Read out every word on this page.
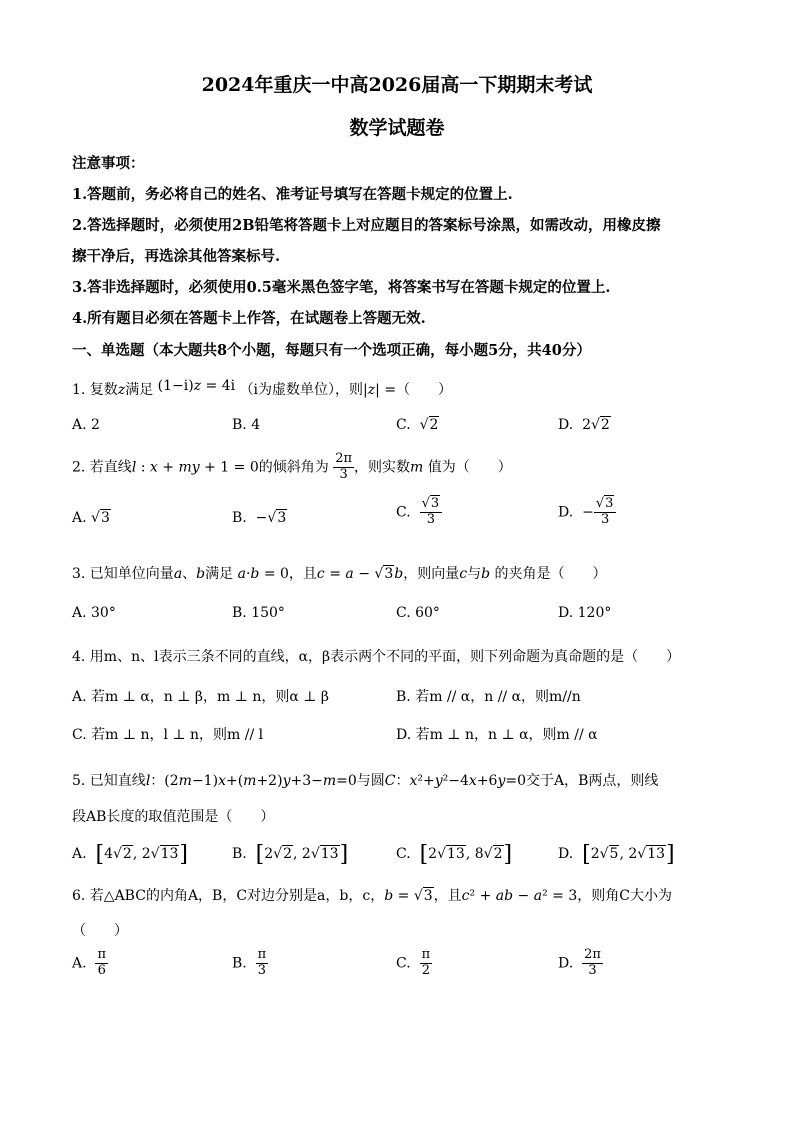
2024年重庆一中高2026届高一下期期末考试
数学试题卷
注意事项：
1.答题前，务必将自己的姓名、准考证号填写在答题卡规定的位置上.
2.答选择题时，必须使用2B铅笔将答题卡上对应题目的答案标号涂黑，如需改动，用橡皮擦
擦干净后，再选涂其他答案标号.
3.答非选择题时，必须使用0.5毫米黑色签字笔，将答案书写在答题卡规定的位置上.
4.所有题目必须在答题卡上作答，在试题卷上答题无效.
一、单选题（本大题共8个小题，每题只有一个选项正确，每小题5分，共40分）
1. 复数z满足 (1−i)z = 4i （i为虚数单位），则|z| =（　　）
A. 2	B. 4	C. √2	D.  2√2
2. 若直线l : x + my + 1 = 0的倾斜角为 $\frac{2\pi}{3}$ ，则实数m 值为（　　）
A. √3	B.  −√3	C. $\frac{√3}{3}$	D.  − $\frac{√3}{3}$
3. 已知单位向量a、b满足 a·b = 0，且c = a − √3b，则向量c与b 的夹角是（　　）
A. 30°	B. 150°	C. 60°	D. 120°
4. 用m、n、l表示三条不同的直线，α，β表示两个不同的平面，则下列命题为真命题的是（　　）
A. 若m ⊥ α，n ⊥ β，m ⊥ n，则α ⊥ β	B. 若m // α，n // α，则m//n
C. 若m ⊥ n，l ⊥ n，则m // l	D. 若m ⊥ n，n ⊥ α，则m // α
5. 已知直线l：(2m−1)x+(m+2)y+3−m=0与圆C：x²+y²−4x+6y=0交于A，B两点，则线
段AB长度的取值范围是（　　）
A. [4√2, 2√13]	B. [2√2, 2√13]	C. [2√13, 8√2]	D. [2√5, 2√13]
6. 若△ABC的内角A，B，C对边分别是a，b，c，b = √3，且c² + ab − a² = 3，则角C大小为
（　　）
A. $\frac{\pi}{6}$	B. $\frac{\pi}{3}$	C. $\frac{\pi}{2}$	D. $\frac{2\pi}{3}$
